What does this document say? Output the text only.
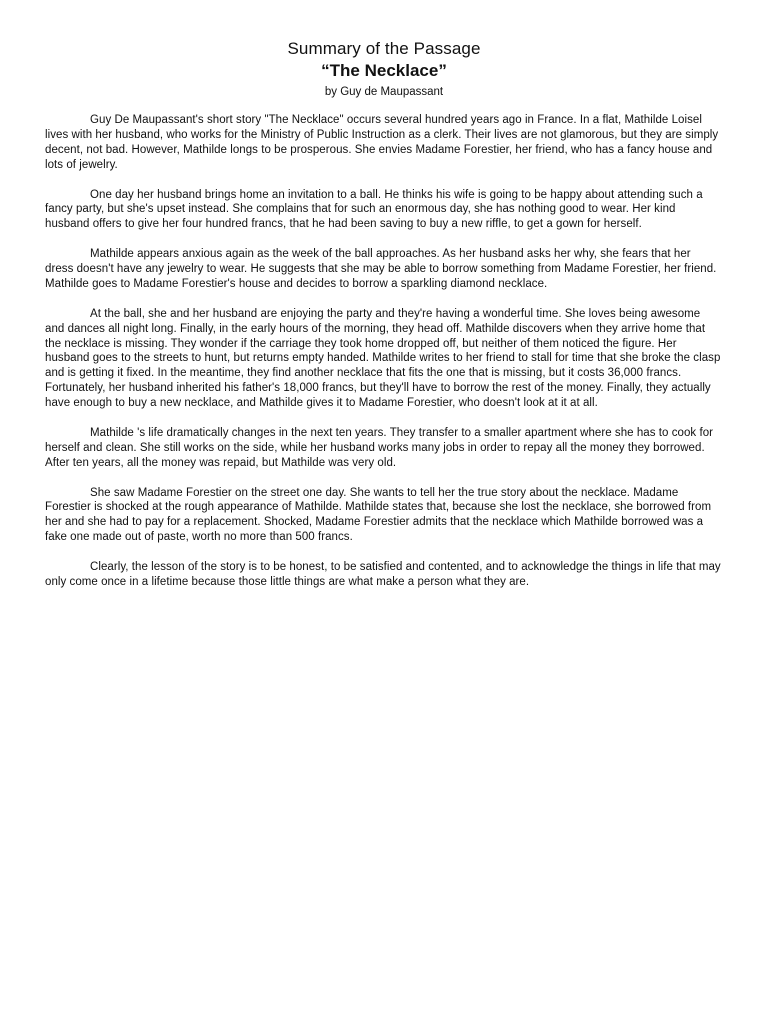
Summary of the Passage
“The Necklace”
by Guy de Maupassant

Guy De Maupassant's short story "The Necklace" occurs several hundred years ago in France. In a flat, Mathilde Loisel lives with her husband, who works for the Ministry of Public Instruction as a clerk. Their lives are not glamorous, but they are simply decent, not bad. However, Mathilde longs to be prosperous. She envies Madame Forestier, her friend, who has a fancy house and lots of jewelry.

One day her husband brings home an invitation to a ball. He thinks his wife is going to be happy about attending such a fancy party, but she's upset instead. She complains that for such an enormous day, she has nothing good to wear. Her kind husband offers to give her four hundred francs, that he had been saving to buy a new riffle, to get a gown for herself.

Mathilde appears anxious again as the week of the ball approaches. As her husband asks her why, she fears that her dress doesn't have any jewelry to wear. He suggests that she may be able to borrow something from Madame Forestier, her friend. Mathilde goes to Madame Forestier's house and decides to borrow a sparkling diamond necklace.

At the ball, she and her husband are enjoying the party and they're having a wonderful time. She loves being awesome and dances all night long. Finally, in the early hours of the morning, they head off. Mathilde discovers when they arrive home that the necklace is missing. They wonder if the carriage they took home dropped off, but neither of them noticed the figure. Her husband goes to the streets to hunt, but returns empty handed. Mathilde writes to her friend to stall for time that she broke the clasp and is getting it fixed. In the meantime, they find another necklace that fits the one that is missing, but it costs 36,000 francs. Fortunately, her husband inherited his father's 18,000 francs, but they'll have to borrow the rest of the money. Finally, they actually have enough to buy a new necklace, and Mathilde gives it to Madame Forestier, who doesn't look at it at all.

Mathilde 's life dramatically changes in the next ten years. They transfer to a smaller apartment where she has to cook for herself and clean. She still works on the side, while her husband works many jobs in order to repay all the money they borrowed. After ten years, all the money was repaid, but Mathilde was very old.

She saw Madame Forestier on the street one day. She wants to tell her the true story about the necklace. Madame Forestier is shocked at the rough appearance of Mathilde. Mathilde states that, because she lost the necklace, she borrowed from her and she had to pay for a replacement. Shocked, Madame Forestier admits that the necklace which Mathilde borrowed was a fake one made out of paste, worth no more than 500 francs.

Clearly, the lesson of the story is to be honest, to be satisfied and contented, and to acknowledge the things in life that may only come once in a lifetime because those little things are what make a person what they are.
